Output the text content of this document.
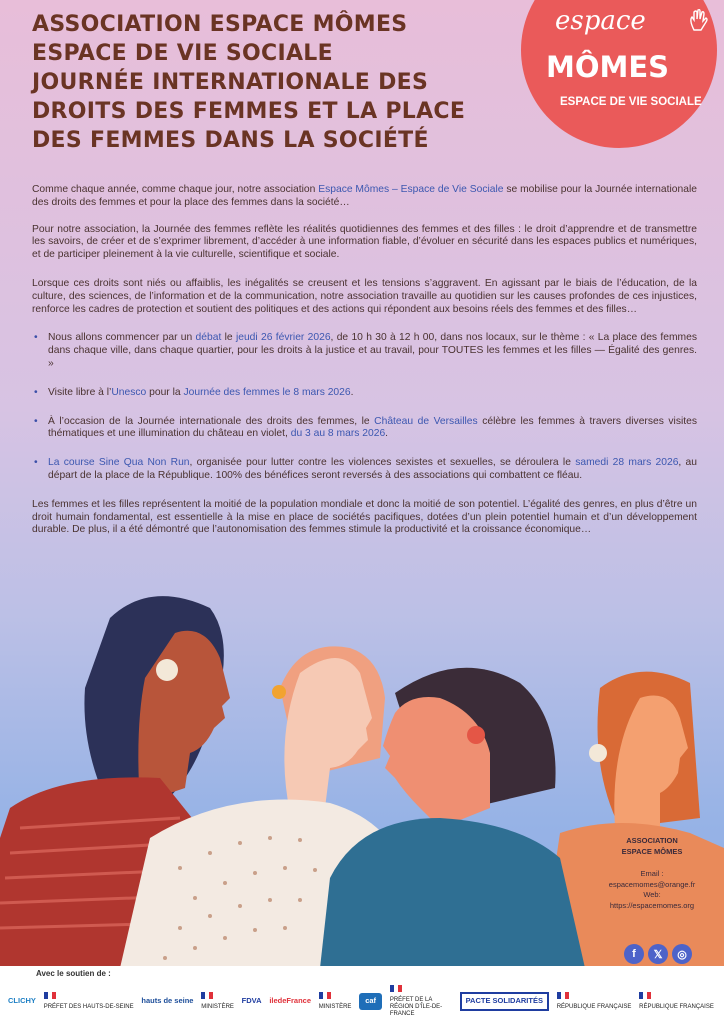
ASSOCIATION ESPACE MÔMES
ESPACE DE VIE SOCIALE
JOURNÉE INTERNATIONALE DES
DROITS DES FEMMES ET LA PLACE
DES FEMMES DANS LA SOCIÉTÉ
espace
MÔMES
ESPACE DE VIE SOCIALE

Comme chaque année, comme chaque jour, notre association Espace Mômes – Espace de Vie Sociale se mobilise pour la Journée internationale des droits des femmes et pour la place des femmes dans la société…

Pour notre association, la Journée des femmes reflète les réalités quotidiennes des femmes et des filles : le droit d’apprendre et de transmettre les savoirs, de créer et de s’exprimer librement, d’accéder à une information fiable, d’évoluer en sécurité dans les espaces publics et numériques, et de participer pleinement à la vie culturelle, scientifique et sociale.

Lorsque ces droits sont niés ou affaiblis, les inégalités se creusent et les tensions s’aggravent. En agissant par le biais de l’éducation, de la culture, des sciences, de l’information et de la communication, notre association travaille au quotidien sur les causes profondes de ces injustices, renforce les cadres de protection et soutient des politiques et des actions qui répondent aux besoins réels des femmes et des filles…

• Nous allons commencer par un débat le jeudi 26 février 2026, de 10 h 30 à 12 h 00, dans nos locaux, sur le thème : « La place des femmes dans chaque ville, dans chaque quartier, pour les droits à la justice et au travail, pour TOUTES les femmes et les filles — Égalité des genres. »
• Visite libre à l’Unesco pour la Journée des femmes le 8 mars 2026.
• À l’occasion de la Journée internationale des droits des femmes, le Château de Versailles célèbre les femmes à travers diverses visites thématiques et une illumination du château en violet, du 3 au 8 mars 2026.
• La course Sine Qua Non Run, organisée pour lutter contre les violences sexistes et sexuelles, se déroulera le samedi 28 mars 2026, au départ de la place de la République. 100% des bénéfices seront reversés à des associations qui combattent ce fléau.

Les femmes et les filles représentent la moitié de la population mondiale et donc la moitié de son potentiel. L’égalité des genres, en plus d’être un droit humain fondamental, est essentielle à la mise en place de sociétés pacifiques, dotées d’un plein potentiel humain et d’un développement durable. De plus, il a été démontré que l’autonomisation des femmes stimule la productivité et la croissance économique…

ASSOCIATION
ESPACE MÔMES
Email :
espacemomes@orange.fr
Web:
https://espacemomes.org
f	𝕏	◎
Avec le soutien de :
CLICHY

PRÉFET DES HAUTS-DE-SEINE
hauts de seine

MINISTÈRE
FDVA iledeFrance

MINISTÈRE
caf	PRÉFET DE LA RÉGION D’ÎLE-DE-FRANCE
PACTE SOLIDARITÉS

RÉPUBLIQUE FRANÇAISE RÉPUBLIQUE FRANÇAISE
